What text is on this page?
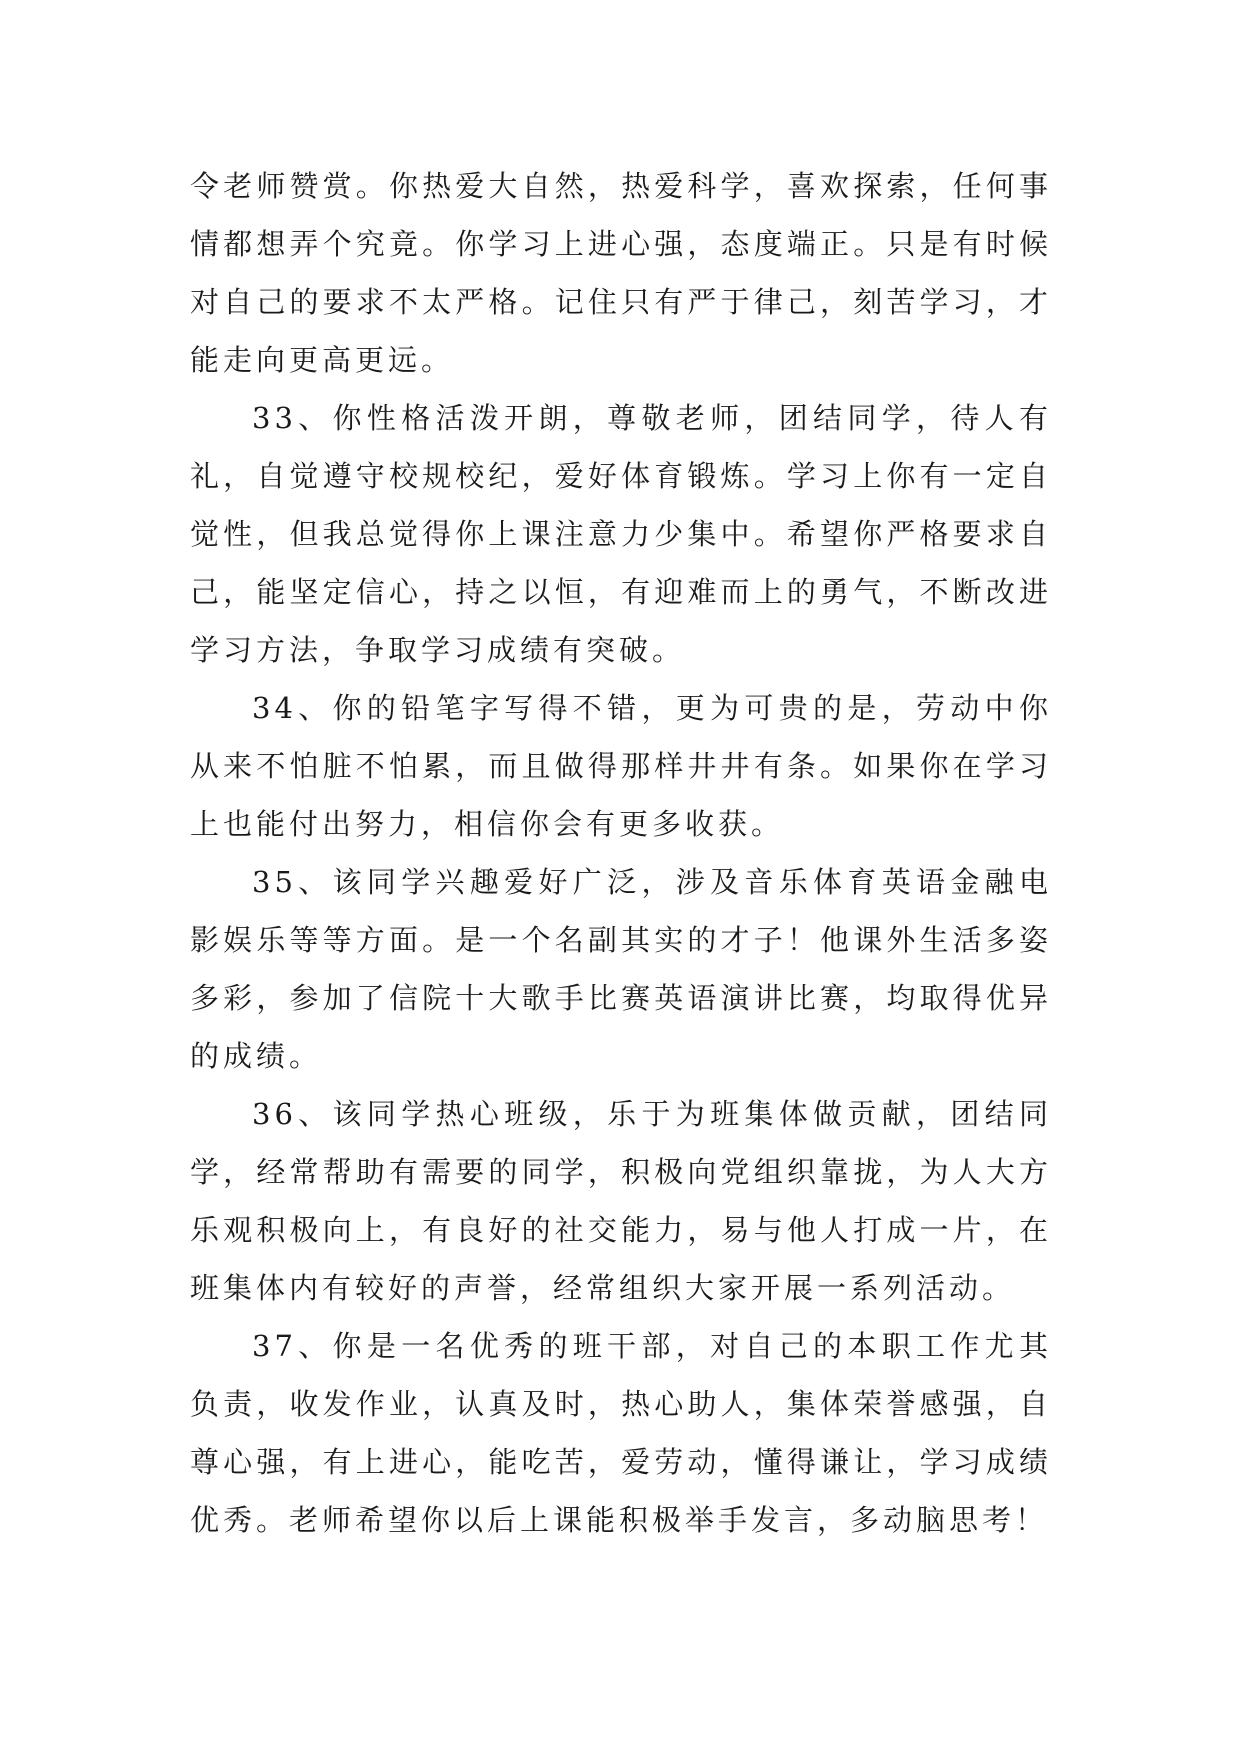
令老师赞赏。你热爱大自然，热爱科学，喜欢探索，任何事情都想弄个究竟。你学习上进心强，态度端正。只是有时候对自己的要求不太严格。记住只有严于律己，刻苦学习，才能走向更高更远。

33、你性格活泼开朗，尊敬老师，团结同学，待人有礼，自觉遵守校规校纪，爱好体育锻炼。学习上你有一定自觉性，但我总觉得你上课注意力少集中。希望你严格要求自己，能坚定信心，持之以恒，有迎难而上的勇气，不断改进学习方法，争取学习成绩有突破。

34、你的铅笔字写得不错，更为可贵的是，劳动中你从来不怕脏不怕累，而且做得那样井井有条。如果你在学习上也能付出努力，相信你会有更多收获。

35、该同学兴趣爱好广泛，涉及音乐体育英语金融电影娱乐等等方面。是一个名副其实的才子！他课外生活多姿多彩，参加了信院十大歌手比赛英语演讲比赛，均取得优异的成绩。

36、该同学热心班级，乐于为班集体做贡献，团结同学，经常帮助有需要的同学，积极向党组织靠拢，为人大方乐观积极向上，有良好的社交能力，易与他人打成一片，在班集体内有较好的声誉，经常组织大家开展一系列活动。

37、你是一名优秀的班干部，对自己的本职工作尤其负责，收发作业，认真及时，热心助人，集体荣誉感强，自尊心强，有上进心，能吃苦，爱劳动，懂得谦让，学习成绩优秀。老师希望你以后上课能积极举手发言，多动脑思考！
